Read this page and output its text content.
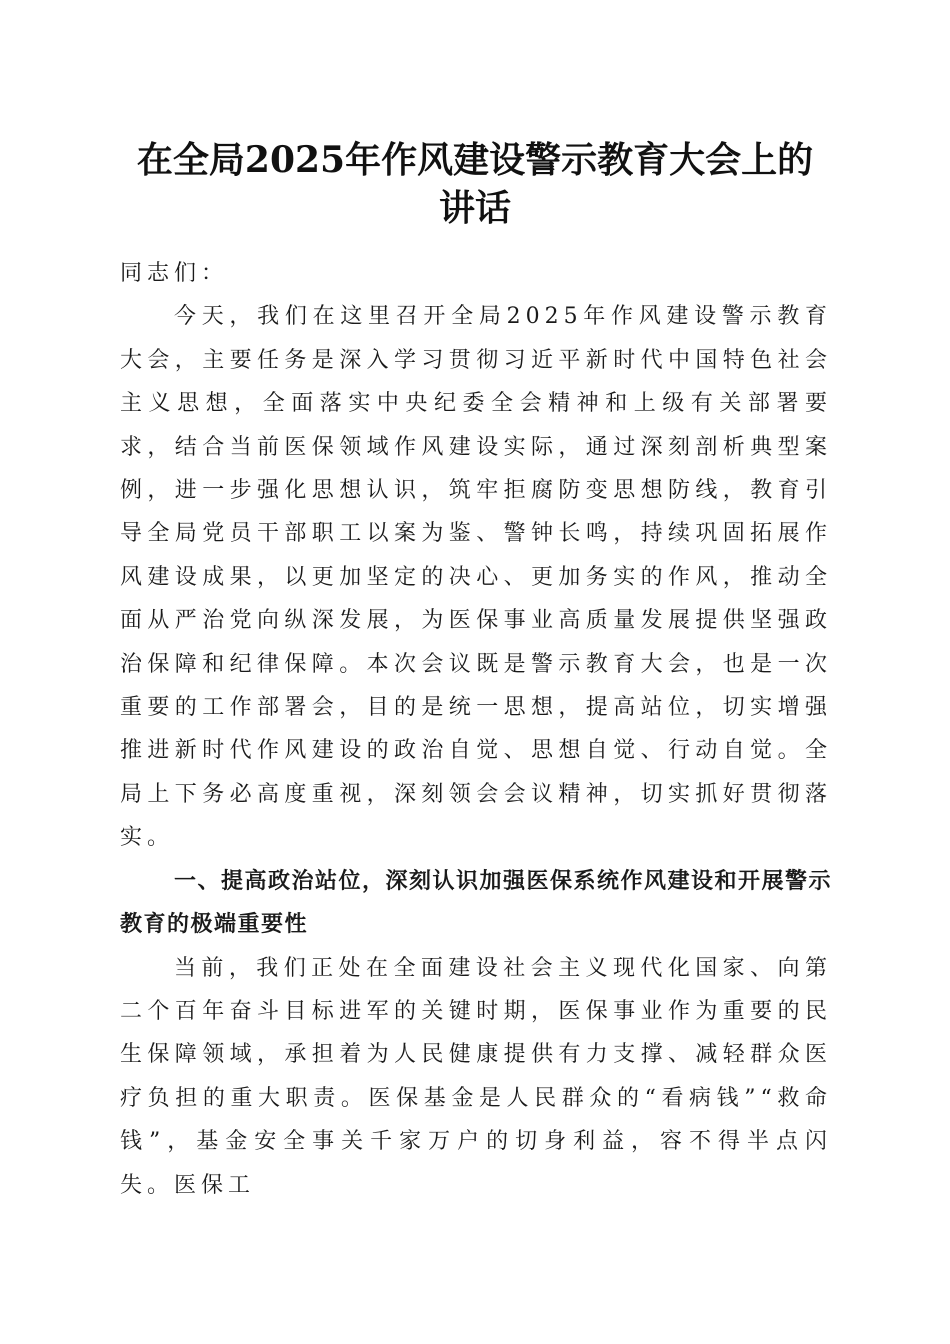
在全局2025年作风建设警示教育大会上的讲话

同志们：

今天，我们在这里召开全局2025年作风建设警示教育大会，主要任务是深入学习贯彻习近平新时代中国特色社会主义思想，全面落实中央纪委全会精神和上级有关部署要求，结合当前医保领域作风建设实际，通过深刻剖析典型案例，进一步强化思想认识，筑牢拒腐防变思想防线，教育引导全局党员干部职工以案为鉴、警钟长鸣，持续巩固拓展作风建设成果，以更加坚定的决心、更加务实的作风，推动全面从严治党向纵深发展，为医保事业高质量发展提供坚强政治保障和纪律保障。本次会议既是警示教育大会，也是一次重要的工作部署会，目的是统一思想，提高站位，切实增强推进新时代作风建设的政治自觉、思想自觉、行动自觉。全局上下务必高度重视，深刻领会会议精神，切实抓好贯彻落实。

一、提高政治站位，深刻认识加强医保系统作风建设和开展警示教育的极端重要性

当前，我们正处在全面建设社会主义现代化国家、向第二个百年奋斗目标进军的关键时期，医保事业作为重要的民生保障领域，承担着为人民健康提供有力支撑、减轻群众医疗负担的重大职责。医保基金是人民群众的“看病钱”“救命钱”，基金安全事关千家万户的切身利益，容不得半点闪失。医保工
